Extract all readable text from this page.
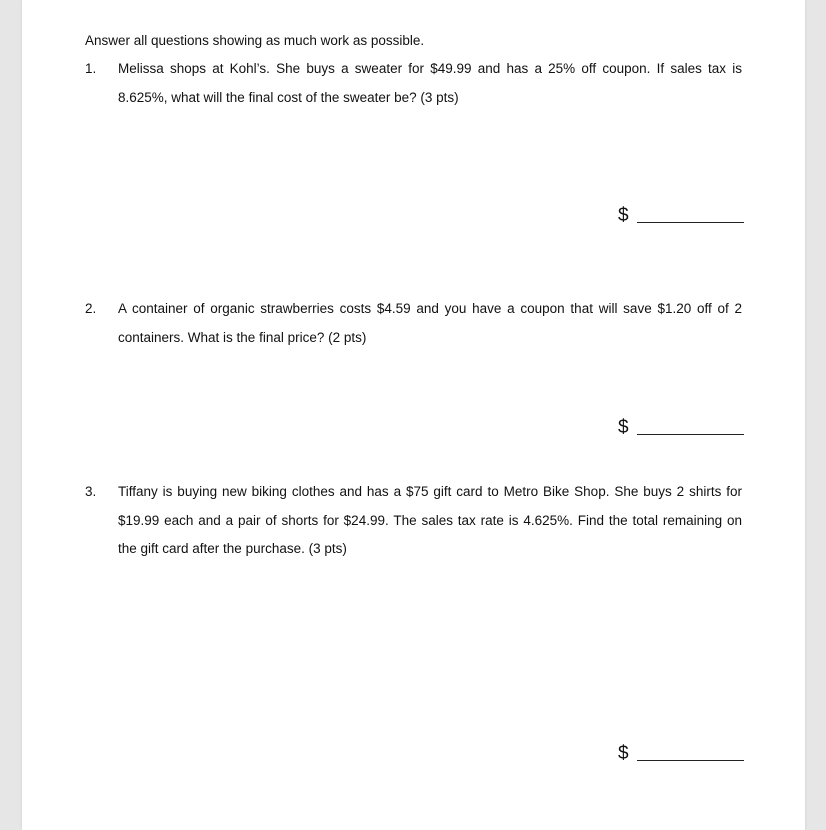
Answer all questions showing as much work as possible.
1.	Melissa shops at Kohl’s. She buys a sweater for $49.99 and has a 25% off coupon. If sales tax is 8.625%, what will the final cost of the sweater be? (3 pts)
$
2.	A container of organic strawberries costs $4.59 and you have a coupon that will save $1.20 off of 2 containers. What is the final price? (2 pts)
$
3.	Tiffany is buying new biking clothes and has a $75 gift card to Metro Bike Shop. She buys 2 shirts for $19.99 each and a pair of shorts for $24.99. The sales tax rate is 4.625%. Find the total remaining on the gift card after the purchase. (3 pts)
$
